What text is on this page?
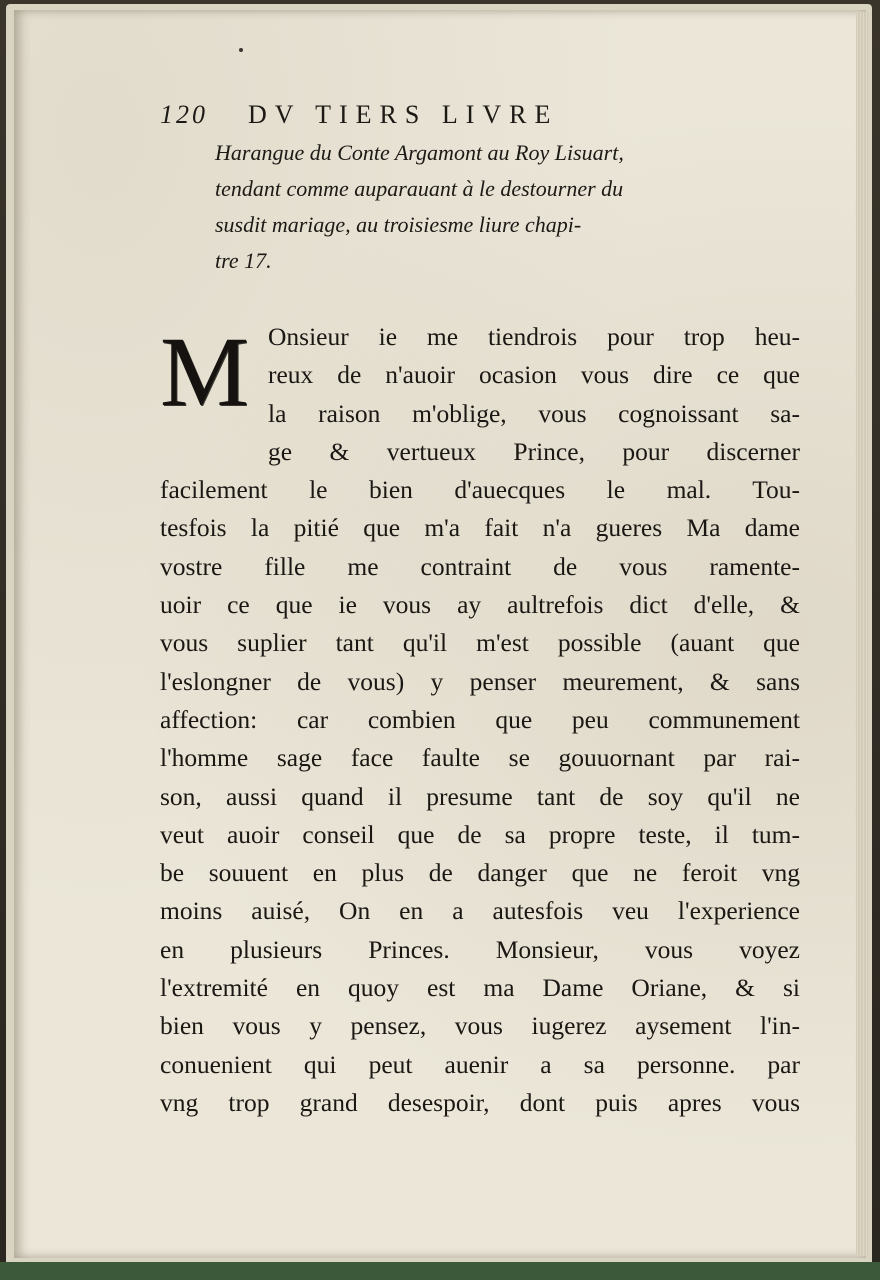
120 DV TIERS LIVRE
Harangue du Conte Argamont au Roy Lisuart,
tendant comme auparauant à le destourner du
susdit mariage, au troisiesme liure chapi-
tre 17.
M Onsieur ie me tiendrois pour trop heu-
reux de n'auoir ocasion vous dire ce que
la raison m'oblige, vous cognoissant sa-
ge & vertueux Prince, pour discerner
facilement le bien d'auecques le mal. Tou-
tesfois la pitié que m'a fait n'a gueres Ma dame
vostre fille me contraint de vous ramente-
uoir ce que ie vous ay aultrefois dict d'elle, &
vous suplier tant qu'il m'est possible (auant que
l'eslongner de vous) y penser meurement, & sans
affection: car combien que peu communement
l'homme sage face faulte se gouuornant par rai-
son, aussi quand il presume tant de soy qu'il ne
veut auoir conseil que de sa propre teste, il tum-
be souuent en plus de danger que ne feroit vng
moins auisé, On en a autesfois veu l'experience
en plusieurs Princes. Monsieur, vous voyez
l'extremité en quoy est ma Dame Oriane, & si
bien vous y pensez, vous iugerez aysement l'in-
conuenient qui peut auenir a sa personne. par
vng trop grand desespoir, dont puis apres vous
